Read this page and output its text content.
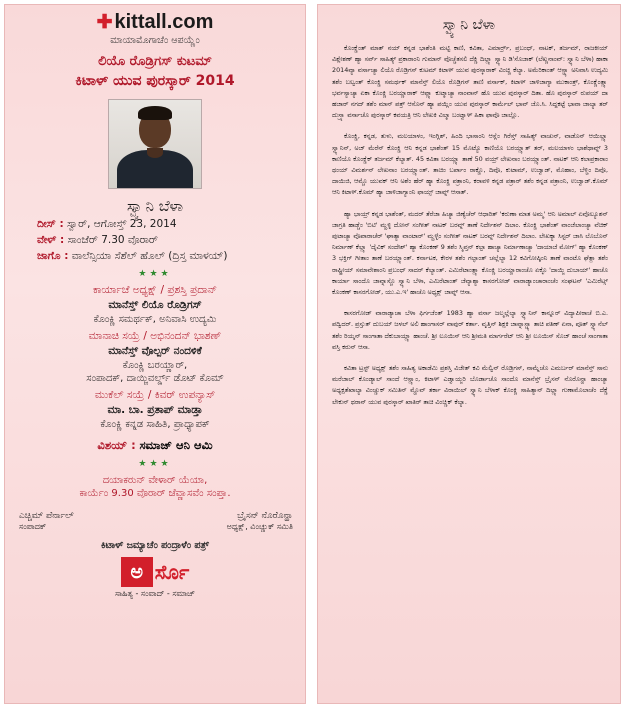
✚ kittall.com
ಮಾಯಾಮೊಗಾಚೆಂ ಆಪಯ್ಣೆಂ
ಲಿಯೊ ರೊಡ್ರಿಗಸ್ ಕುಟಮ್
ಕಿಟಾಳ್ ಯುವ ಪುರಸ್ಕಾರ್ 2014
ಸ್ವ್ಯಾನಿ ಬೆಳಾ
ದೀಸ್ : ಸ್ವಾರ್, ಆಗೋಸ್ತ್ 23, 2014
ವೇಳ್ : ಸಾಂಜೆರ್ 7.30 ವೊರಾರ್
ಜಾಗೊ : ವಾಲೆನ್ಸಿಯಾ ಸೆಶೆಲ್ ಹೊಲ್ (ದ್ರಿಸ್ತ ಮಾಳಯ್)
★★★
ಕಾರ್ಯಾಚೆ ಅಧ್ಯಕ್ಷ್ / ಪ್ರಶಸ್ತಿ ಪ್ರದಾನ್
ಮಾನೆಸ್ತ್ ಲಿಯೊ ರೊಡ್ರಿಗಸ್
ಕೊಂಕ್ಣಿ ಸಮರ್ಥಕ್, ಅನಿವಾಸಿ ಉದ್ಯಮಿ
ಮಾನಾಚಿ ಸಯ್ರೆ / ಅಭಿನಂದನ್ ಭಾಶಣ್
ಮಾನೆಸ್ತ್ ವೊಲ್ಪರ್ ನಂದಳಿಕೆ
ಕೊಂಕ್ಣಿ ಬರಯ್ಣಾರ್,
ಸಂಪಾದಕ್, ದಾಯ್ಜಿವರ್ಲ್ಡ್ ಡೊಟ್ ಕೊಮ್
ಮುಕೆಲ್ ಸಯ್ರೆ / ಕಿವರ್ ಉಪನ್ಯಾಸ್
ಮಾ. ಬಾ. ಪ್ರತಾಪ್ ಮಾಡ್ತಾ
ಕೊಂಕ್ಣಿ ಕನ್ನಡ ಸಾಹಿತಿ, ಪ್ರಾಧ್ಯಾಪಕ್
ವಿಶಯ್ : ಸಮಾಜ್ ಆನಿ ಆಮಿ
★★★
ದಯಾಕರುನ್ ವೇಳಾರ್ ಯೆಯಾ,
ಕಾರ್ಯೆಂ 9.30 ವೊರಾರ್ ಜೆವ್ಣಾಸವೆಂ ಸಂಪ್ತಾ.
ಎಚ್ಚಿಮ್ ಪೆರ್ನಾಲ್
ಸಂಪಾದಕ್
ಬ್ರೈಸನ್ ನೊರೊನ್ಹಾ
ಅಧ್ಯಕ್ಷ್, ವಿಂಚ್ಣುಕ್ ಸಮಿತಿ
ಕಿಟಾಳ್ ಜಮ್ಯಾಚೆಂ ಪಂದ್ರಾಳೆಂ ಪತ್ರ್
ಅ ರ್ಸೊ
ಸಾಹಿತ್ಯ - ಸಂವಾದ್ - ಸಮಾಜ್
ಸ್ವ್ಯಾನಿ ಬೆಳಾ

ಕೊಂಕ್ಣೆಂತ್ ಮಾತ್ ನಯ್ ಕನ್ನಡ ಭಾಶೆಂತಿ ಮಟ್ಟಿ ಕಾಣಿ, ಕವಿತಾ, ಎಮಾರ್ರ್ರ್, ಪ್ರಬಂಧ್, ನಾಟಕ್, ತರ್ಜಮ್, ರಾಜಕೀಯ್ ವಿಶ್ಲೇಶಣ್ ಹ್ಯಾ ಸರ್ವ್ ಸಾಹಿತ್ಯ್ ಪ್ರಕಾರಾಂನಿ ಗುಮಾನ್ ವೊಚ್ಚೆತಸಲಿ ದೆಕ್ಣಿ ದಿಲ್ಲ್ಯಾ ಸ್ವ್ಯಾನಿ ಡಿ'ಸೊಜಾಕ್ (ಲೆಖ್ಣನಾಂವ್: ಸ್ವ್ಯಾನಿ ಬೆಳಾ) ಹಾಕಾ 2014ವ್ಯಾ ವರ್ಸಾಚ್ಯಾ ಲಿಯೊ ರೊಡ್ರಿಗಸ್ ಕುಟಮ್ ಕಿಟಾಳ್ ಯುವ ಪುರಸ್ಕಾರಾಕ್ ವಿಂಚ್ಣಿ ಕೆಲ್ಯಾ. ಅಮೆರಿಕಾಂತ್ ಆಸ್ಚ್ಯಾ ಅನಿವಾಸಿ ಉದ್ಯಮಿ ತಶೆಂ ಬಲ್ವಂತ್ ಕೊಂಕ್ಣಿ ಸಮರ್ಥಕ್ ಮಾನೆಸ್ತ್ ಲಿಯೊ ರೊಡ್ರಿಗಸ್ ತಾಣಿ ವರ್ಸಾಕ್, ಕಿಟಾಳ್ ಜಾಳಿಜಾಗ್ಯಾ ಮುಕಾಂತ್ರ್, ಕೊಂಕ್ಣೆಂತ್ಲ್ಯಾ ಭರ್ವಸ್ಯಾಚ್ಯಾ ಏಕಾ ಕೊಂಕ್ಣಿ ಬರಯ್ಣಾರಾಕ್ ಆಪ್ಲ್ಯಾ ಕುಟ್ಮಾಚ್ಯಾ ನಾಂವಾನ್ ಹೊ ಯುವ ಪುರಸ್ಕಾರ್ ದಿತಾ. ಹೊ ಪುರಸ್ಕಾರ್ ರುಪಯ್ ದಾ ಹಜಾರ್ ನಗದ್ ತಶೆಂ ಮಾನ್ ಪತ್ರ್ ಆಸೊನ್ ಹ್ಯಾ ಪಯ್ಲಿಂ ಯುವ ಪುರಸ್ಕಾರ್ ಕಾರ್ಮೆಲ್ ಭಾವ್ ಜೊ.ಸಿ. ಸಿದ್ದಕಟ್ಟೆ ಭಾವಾ ಜಾಲ್ಯಾ ತರ್ ದುಸ್ರ್ಯಾ ವರ್ಸಾಚೊ ಪುರಸ್ಕಾರ್ ಕವಯತ್ರಿ ಆನಿ ಲೇಖಕಿ ವಿಲ್ಮಾ ಬಂಟ್ವಾಳ್ ಹಿಕಾ ಫಾವೊ ಜಾಲ್ಲೊ.

ಕೊಂಕ್ಣಿ, ಕನ್ನಡ, ತುಳು, ಮಲಯಾಳಂ, ಇಂಗ್ಲಿಶ್, ಹಿಂದಿ ಭಾಸಾಂನಿ ಆಸ್ಲೆಂ ಗಿರೆಸ್ತ್ ಸಾಹಿತ್ಯ್ ವಾಚುನ್, ವಾಡೊನ್ ಆಯಿಲ್ಲ್ಯಾ ಸ್ವ್ಯಾನಿನ್, ಅಜ್ ಮೆರೆನ್ ಕೊಂಕ್ಣಿ ಆನಿ ಕನ್ನಡ ಭಾಶೆಂತ್ 15 ಮೊಟ್ಯೊ ಕಾಣಿಯೊ ಬರಯ್ಲ್ಯಾತ್ ತರ್, ಮಲಯಾಳಂ ಭಾಶೆಥಾವ್ನ್ 3 ಕಾಣಿಯೊ ಕೊಂಕ್ಣೆಕ್ ತರ್ಜಮ್ ಕೆಲ್ಯಾತ್. 45 ಕವಿತಾ ಬರಯ್ಲ್ಯಾ ತಾಣೆ 50 ವಯ್ರ್ ಲೇಖನಾಂ ಬರಯ್ಲ್ಯಾಂತ್. ನಾಟಕ್ ಆನಿ ಕಲಾಪ್ರಕಾರಾಂ ಥಂಯ್ ವಿಮರ್ಶನ್ ಲೇಖನಾಂ ಬರಯ್ಲ್ಯಾಂತ್. ತಾಚಿಂ ಬರ್ಪಾಂ ರಾಕ್ಣೊ, ದಿವೊ, ಕುಟಾಮ್, ಉಜ್ವಾಡ್, ಮೊಹಾಂ, ಬೆಳ್ಚಿಂ ದಿವೊ, ದಾಯಿಜಿ, ಆಮ್ಚೊ ಯುವಕ್ ಆನಿ ಅಶೆಂ ಹೆರ್ ಹ್ಯಾ ಕೊಂಕ್ಣಿ ಪತ್ರಾಂನಿ, ಕರಾವಳಿ ಕನ್ನಡ ಪತ್ರಾರ್ ತಶೆಂ ಕನ್ನಡ ಪತ್ರಾಂನಿ, ಉಜ್ವಾಡ್.ಕೊಮ್ ಆನಿ ಕಿಟಾಳ್.ಕೊಮ್ ಹ್ಯಾ ಜಾಳಿಜಾಗ್ಯಾಂನಿ ಫಾಯ್ಸ್ ಜಾವ್ನ್ ಆಸಾತ್.

ಹ್ಯಾ ಭಾಯ್ರ್ ಕನ್ನಡ ಭಾಶೆಂತ್, ಮದರ್ ತೆರೆಜಾ ಹಿಚ್ಯಾ ಜಿಣ್ಯೆಚೆರ್ ಆಧಾರಿತ್ 'ಕರುಣಾ ಮಾತ ಅಮ್ಮ' ಆನಿ ಅಮಾಲ್ ಏವೊಲ್ಯೂಶನ್ ಜಾಗ್ರತಿ ಹಾಡ್ಚೆಂ 'ಬಿಟಿ' ಮ್ಹಳ್ಳಿ ದೋನ್ ಸಂಗೀತ್ ನಾಟಕ್ ಬರವ್ನ್ ತಾಣೆ ನಿರ್ದೇಶನ್ ದಿಲಾಂ. ಕೊಂಕ್ಣಿ ಭಾಶೆಂತ್ ವಾಂಜೆಲಾಂಚ್ಯಾ ವೆಚಿಕ್ ಪುಟಾಚ್ಯಾ ವೊಪಾರಾಚೆರ್ 'ಘಾತ್ಯಾ ವಾಂಟಾರ್' ಮ್ಹಳ್ಳೆಂ ಸಂಗೀತ್ ನಾಟಕ್ ಬರವ್ನ್ ನಿರ್ದೇಶನ್ ದಿಲಾಂ. ಲೇಖಕ್ಯಾ ಸಿಸ್ಟರ್ ಜಾಸಿ ಲೊಬೊನ್ ನಿರ್ಮಾಣ್ ಕೆಲ್ಲ್ಯಾ 'ದೈವಿಕ್ ಸಂದೇಶ್' ಹ್ಯಾ ಕೊಂಕಣ್ 9 ತಶೆಂ ಸ್ಮಿಪ್ತನ್ ಕಲ್ಪಾ ಹಾಚ್ಯಾ ನಿರ್ಮಾಣಾಚ್ಯಾ 'ದಾಯಾಜೆ ಮೋಗ್' ಹ್ಯಾ ಕೊಂಕಣ್ 3 ಭಕ್ತಿಗ್ ಗೀತಾಂ ತಾಣೆ ಬರಯ್ಲ್ಯಾಂತ್. ಕರ್ನಾಟಕ, ಕೇರಳ ತಶೆಂ ಗಲ್ಫಾಂತ್ ಚಲ್ಲೆಲ್ಯಾ 12 ಕವಿಗೋಷ್ಠಿಂನಿ ತಾಣೆ ವಾಂಟೊ ಘೆತ್ಲಾ ತಶೆಂ ರಾಷ್ಟ್ರೀಯ್ ಸಮಾವೇಶಾಂನಿ ಪ್ರಬಂಧ್ ಸಾದರ್ ಕೆಲ್ಯಾಂತ್. ಎಮಿರೆಟಾಂತ್ಲ್ಯಾ ಕೊಂಕ್ಣಿ ಬರಯ್ಣಾರಾಂಚೊ ಏಕ್ಳೊ 'ದಾಯ್ಜಿ ದುಬಾಯ್' ಹಾಚೊ ಕಾರ್ಯಾ ಸಾಂದೊ ಜಾವ್ನಾಸ್ಚೊ ಸ್ವ್ಯಾನಿ ಬೆಳಾ, ಎಮಿರೆಟಾಂತ್ ಜೆವ್ಯಾಶ್ಯಾ ಕಾಸರಗೋಡ್ ವಾರಾಡ್ಯಾಂಚಾರಾಂಚೆಂ ಸಂಘಟನ್ 'ಎಮಿರೆಟ್ಸ್ ಕೊಂಕಣ್ ಕಾಸರಗೋಡ್, ಯು.ಎ.ಇ' ಹಾಚೊ ಅಧ್ಯಕ್ಷ್ ಜಾವ್ನ್ ಆಸಾ.

ಕಾಸರಗೋಡ್ ವಾರಾಡ್ಯಾಚಾ ಬೆಳಾ ಫಿರ್ಗಜೆಂತ್ 1983 ಹ್ಯಾ ವರ್ಸಾ ಜಲ್ಮಲ್ಲೆಲ್ಯಾ ಸ್ವ್ಯಾನಿನ್ ಕಾನ್ನೂರ್ ವಿದ್ಯಾಪೀಠಾಚೆ ಬಿ.ಎ. ಪದ್ವಿದರ್. ಪ್ರಸ್ತುತ್ ದುಬಯ್ ಜಳಲ್ ಅಲಿ ಹಾಂಗಾಸರ್ ವಾವುರ್ ಕರ್ತಾ. ವೃತ್ತಿನ್ ಶಿಕ್ಷಕಿ ಜಾವ್ನಾಸ್ಚ್ಯಾ ತಾಚಿ ಪತಿಣ್ ಏನಾ, ಪೂತ್ ಸ್ವ್ಯಾನೆಲ್ ತಶೆಂ ರಿಯ್ಶನ್ ಸಾಂಗಾತಾ ದೆಕುಬಾಯ್ಲ್ಯಾ ಹಾಂಚೆ. ಶ್ರೀ ಲೂಯಿಸ್ ಆನಿ ಶ್ರೀಮತಿ ಮಾರ್ಗರೆಟ್ ಆನಿ ಶ್ರೀ ಲೂಯಿಸ್ ಸೊಜ್ ಹಾಂಚೆ ಸಾಂಗಾತಾ ವಸ್ತಿ ಕರುನ್ ಆಸಾ.

ಕವಿತಾ ಟ್ರಸ್ಟ್ ಅಧ್ಯಕ್ಷ್ ತಶೆಂ ಸಾಹಿತ್ಯ ಅಕಾಡೆಮಿ ಪ್ರಶಸ್ತಿ ವಿಜೇತ್ ಕವಿ ಮೆಲ್ವಿನ್ ರೊಡ್ರಿಗಸ್, ನಾಮ್ನೆಚೊ ಎಮರ್ಬರ್ ಮಾನೆಸ್ತ್ ಸಾನು ಮರೆಜಾಲ್ ಕೊಂಡ್ಯಾಲ್ ಸಾಂದೆ ಆಸ್ಲ್ಯಾಂ, ಕಿಟಾಳ್ ಎಡ್ವಾಯ್ಜರಿ ಬೊರ್ಡಾಚೊ ಸಾಂದೊ ಮಾನೆಸ್ತ್ ಬ್ರೈಸನ್ ನೊರೊನ್ಹಾ ಹಾಂಚ್ಯಾ ಅಧ್ಯಕ್ಷತೆಖಾಲ್ಯಾ ವಿಂಚ್ಣುಕ್ ಸಮಿತಿನ್ ಮ್ಹೊವ್ ತರ್ಕಾ ವಿರಾಯಿಲ್ ಸ್ವ್ಯಾನಿ ಬೆಳಾಕ್ ಕೊಂಕ್ಣಿ ಸಾಹಿತ್ಯಾನ್ ದಿಲ್ಲ್ಯಾ ಗುಣಾಮೊಲಾಚೆಂ ದೆಕ್ಣೆ ಲೇಕುನ್ ಥರಾನ್ ಯುವ ಪುರಸ್ಕಾರ್ ಖಾತಿರ್ ತಾಚಿ ವಿಂಚ್ಣಿಕ್ ಕೆಲ್ಯಾ.
